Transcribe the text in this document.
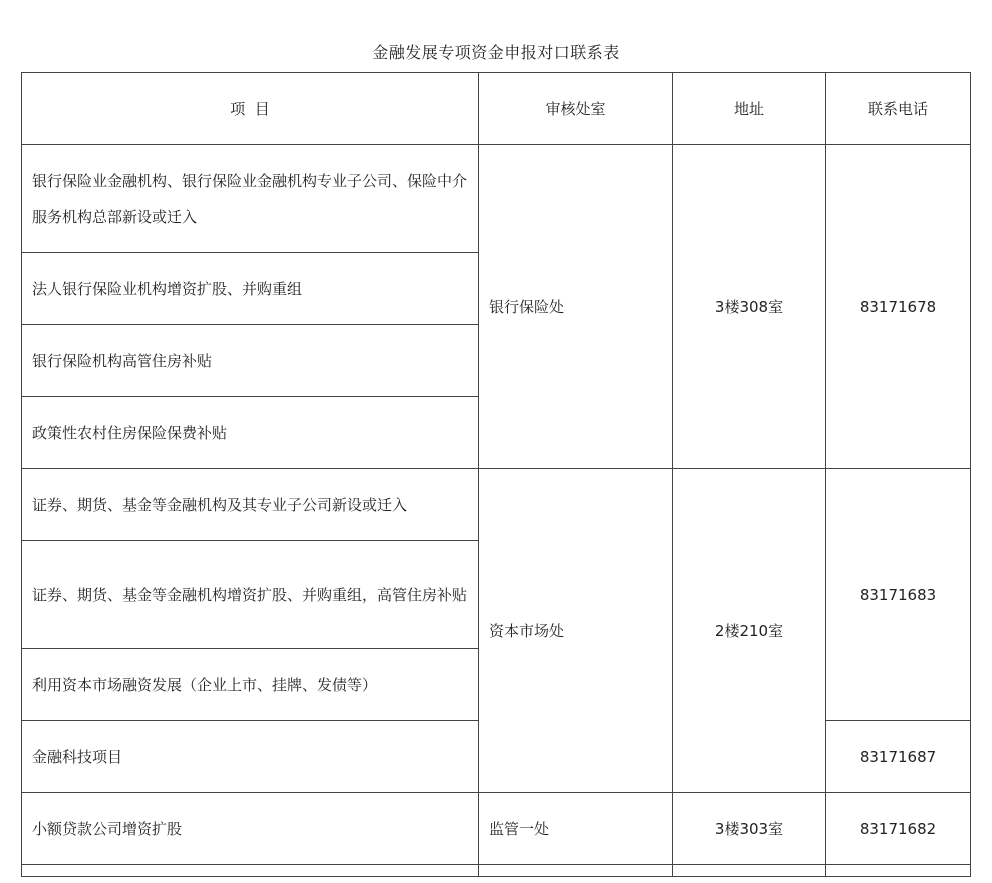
金融发展专项资金申报对口联系表
项  目	审核处室	地址	联系电话
银行保险业金融机构、银行保险业金融机构专业子公司、保险中介服务机构总部新设或迁入	银行保险处	3楼308室	83171678
法人银行保险业机构增资扩股、并购重组			
银行保险机构高管住房补贴			
政策性农村住房保险保费补贴			
证券、期货、基金等金融机构及其专业子公司新设或迁入	资本市场处	2楼210室	83171683
证券、期货、基金等金融机构增资扩股、并购重组，高管住房补贴			
利用资本市场融资发展（企业上市、挂牌、发债等）			
金融科技项目			83171687
小额贷款公司增资扩股	监管一处	3楼303室	83171682
